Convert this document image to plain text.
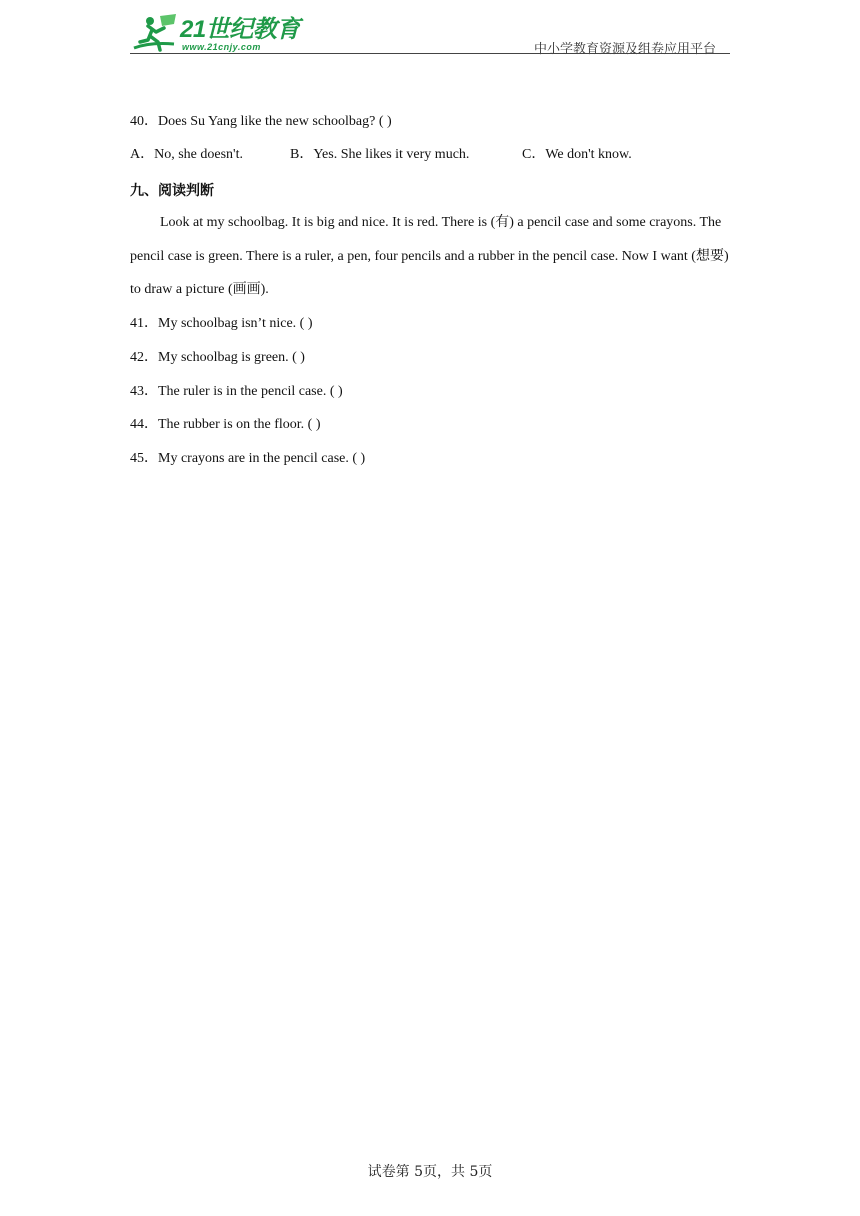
21世纪教育
www.21cnjy.com	中小学教育资源及组卷应用平台
40．Does Su Yang like the new schoolbag? ( )
A．No, she doesn't.	B．Yes. She likes it very much.	C．We don't know.
九、阅读判断
Look at my schoolbag. It is big and nice. It is red. There is (有) a pencil case and some crayons. The pencil case is green. There is a ruler, a pen, four pencils and a rubber in the pencil case. Now I want (想要) to draw a picture (画画).
41．My schoolbag isn’t nice. ( )
42．My schoolbag is green. ( )
43．The ruler is in the pencil case. ( )
44．The rubber is on the floor. ( )
45．My crayons are in the pencil case. ( )
试卷第 5页，共 5页
